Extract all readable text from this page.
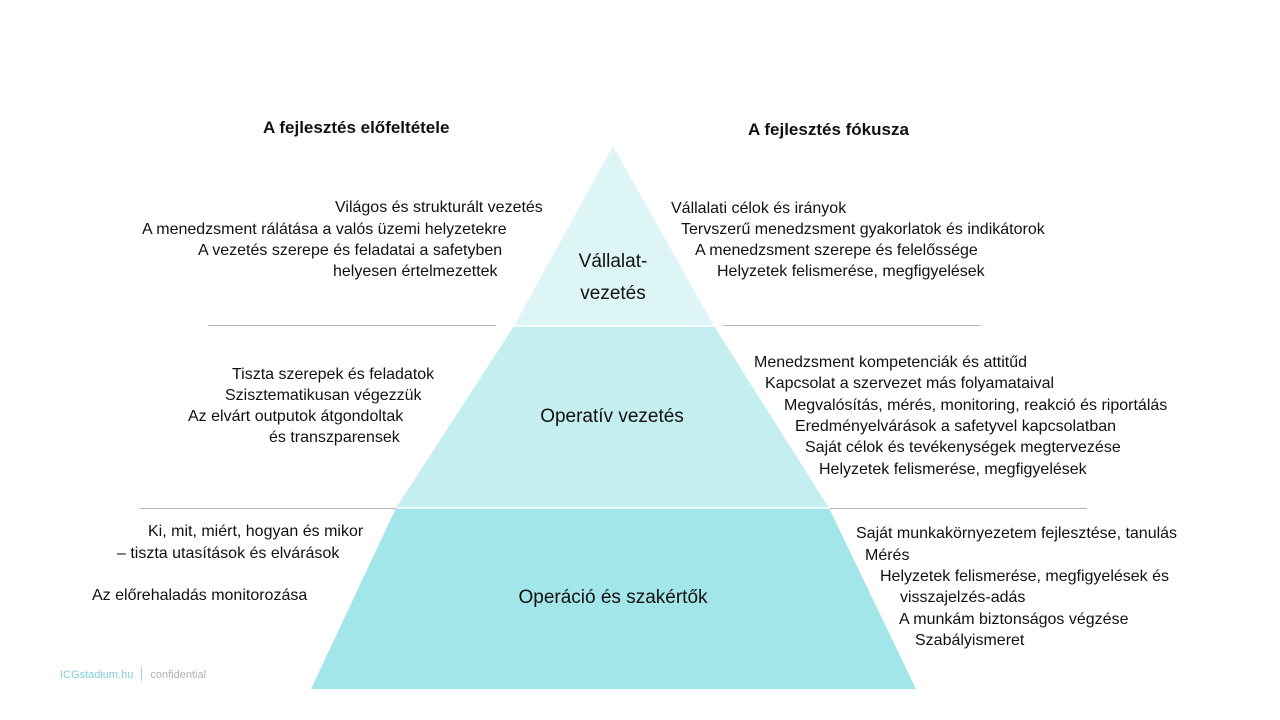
A fejlesztés előfeltétele	A fejlesztés fókusza
Vállalat-
vezetés
Operatív vezetés
Operáció és szakértők
Világos és strukturált vezetés
A menedzsment rálátása a valós üzemi helyzetekre
A vezetés szerepe és feladatai a safetyben
helyesen értelmezettek
Tiszta szerepek és feladatok
Szisztematikusan végezzük
Az elvárt outputok átgondoltak
és transzparensek
Ki, mit, miért, hogyan és mikor
– tiszta utasítások és elvárások
Az előrehaladás monitorozása
Vállalati célok és irányok
Tervszerű menedzsment gyakorlatok és indikátorok
A menedzsment szerepe és felelőssége
Helyzetek felismerése, megfigyelések
Menedzsment kompetenciák és attitűd
Kapcsolat a szervezet más folyamataival
Megvalósítás, mérés, monitoring, reakció és riportálás
Eredményelvárások a safetyvel kapcsolatban
Saját célok és tevékenységek megtervezése
Helyzetek felismerése, megfigyelések
Saját munkakörnyezetem fejlesztése, tanulás
Mérés
Helyzetek felismerése, megfigyelések és
visszajelzés-adás
A munkám biztonságos végzése
Szabályismeret
ICGstadium.hu confidential
